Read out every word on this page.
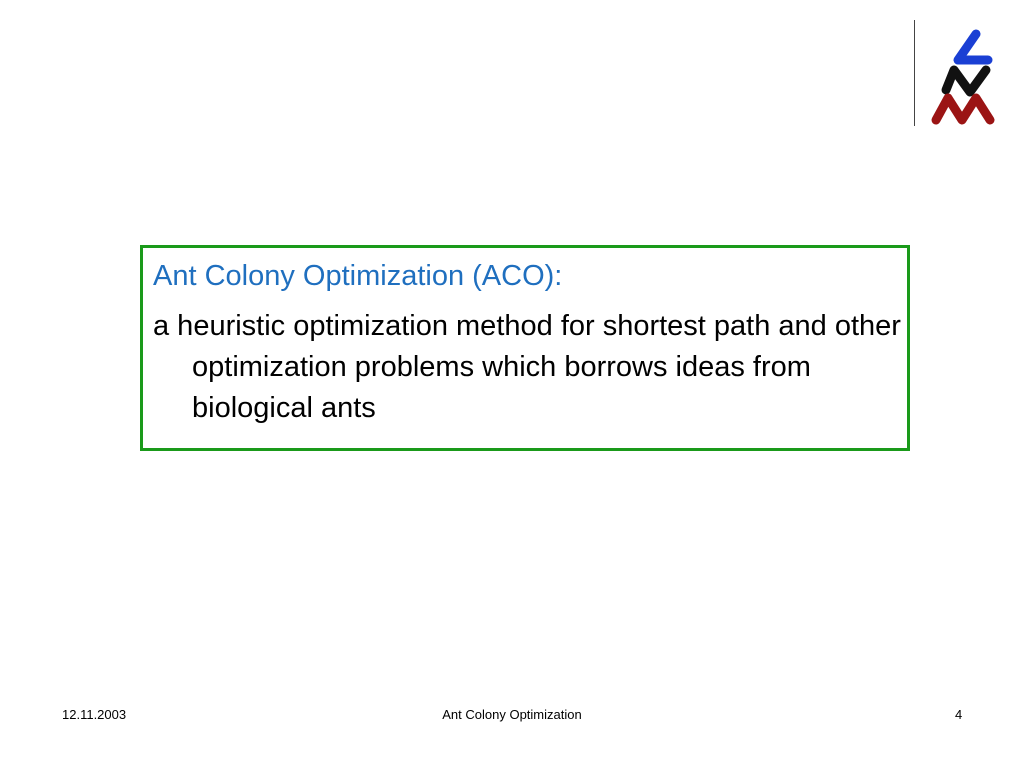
Ant Colony Optimization (ACO):
a heuristic optimization method for shortest path and other optimization problems which borrows ideas from biological ants
12.11.2003	Ant Colony Optimization	4
